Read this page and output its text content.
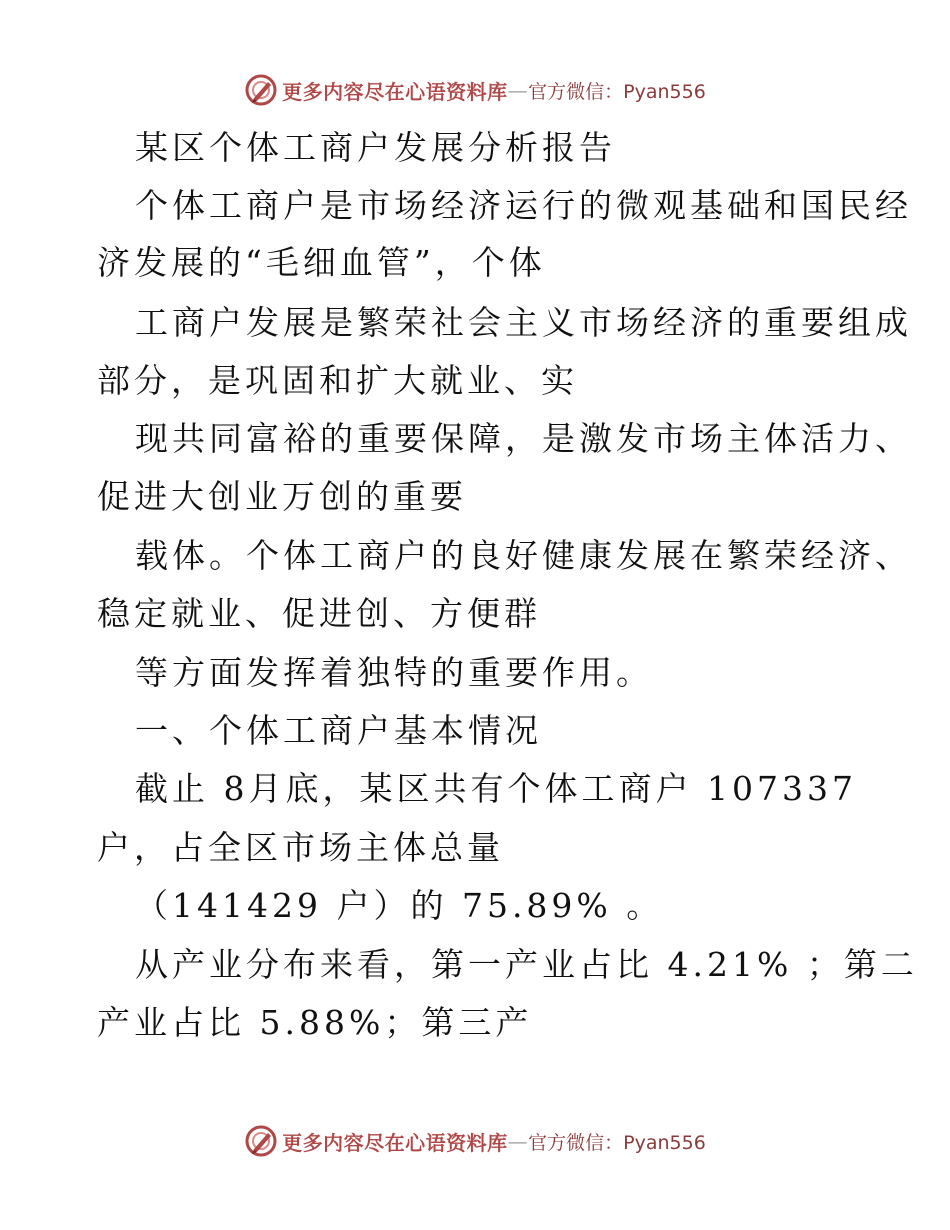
更多内容尽在心语资料库 — 官方微信：Pyan556
某区个体工商户发展分析报告
个体工商户是市场经济运行的微观基础和国民经
济发展的“毛细血管”，个体
工商户发展是繁荣社会主义市场经济的重要组成
部分，是巩固和扩大就业、实
现共同富裕的重要保障，是激发市场主体活力、
促进大创业万创的重要
载体。个体工商户的良好健康发展在繁荣经济、
稳定就业、促进创、方便群
等方面发挥着独特的重要作用。
一、个体工商户基本情况
截止 8月底，某区共有个体工商户 107337
户，占全区市场主体总量
（141429 户）的 75.89% 。
从产业分布来看，第一产业占比 4.21% ；第二
产业占比 5.88%；第三产
更多内容尽在心语资料库 — 官方微信：Pyan556
